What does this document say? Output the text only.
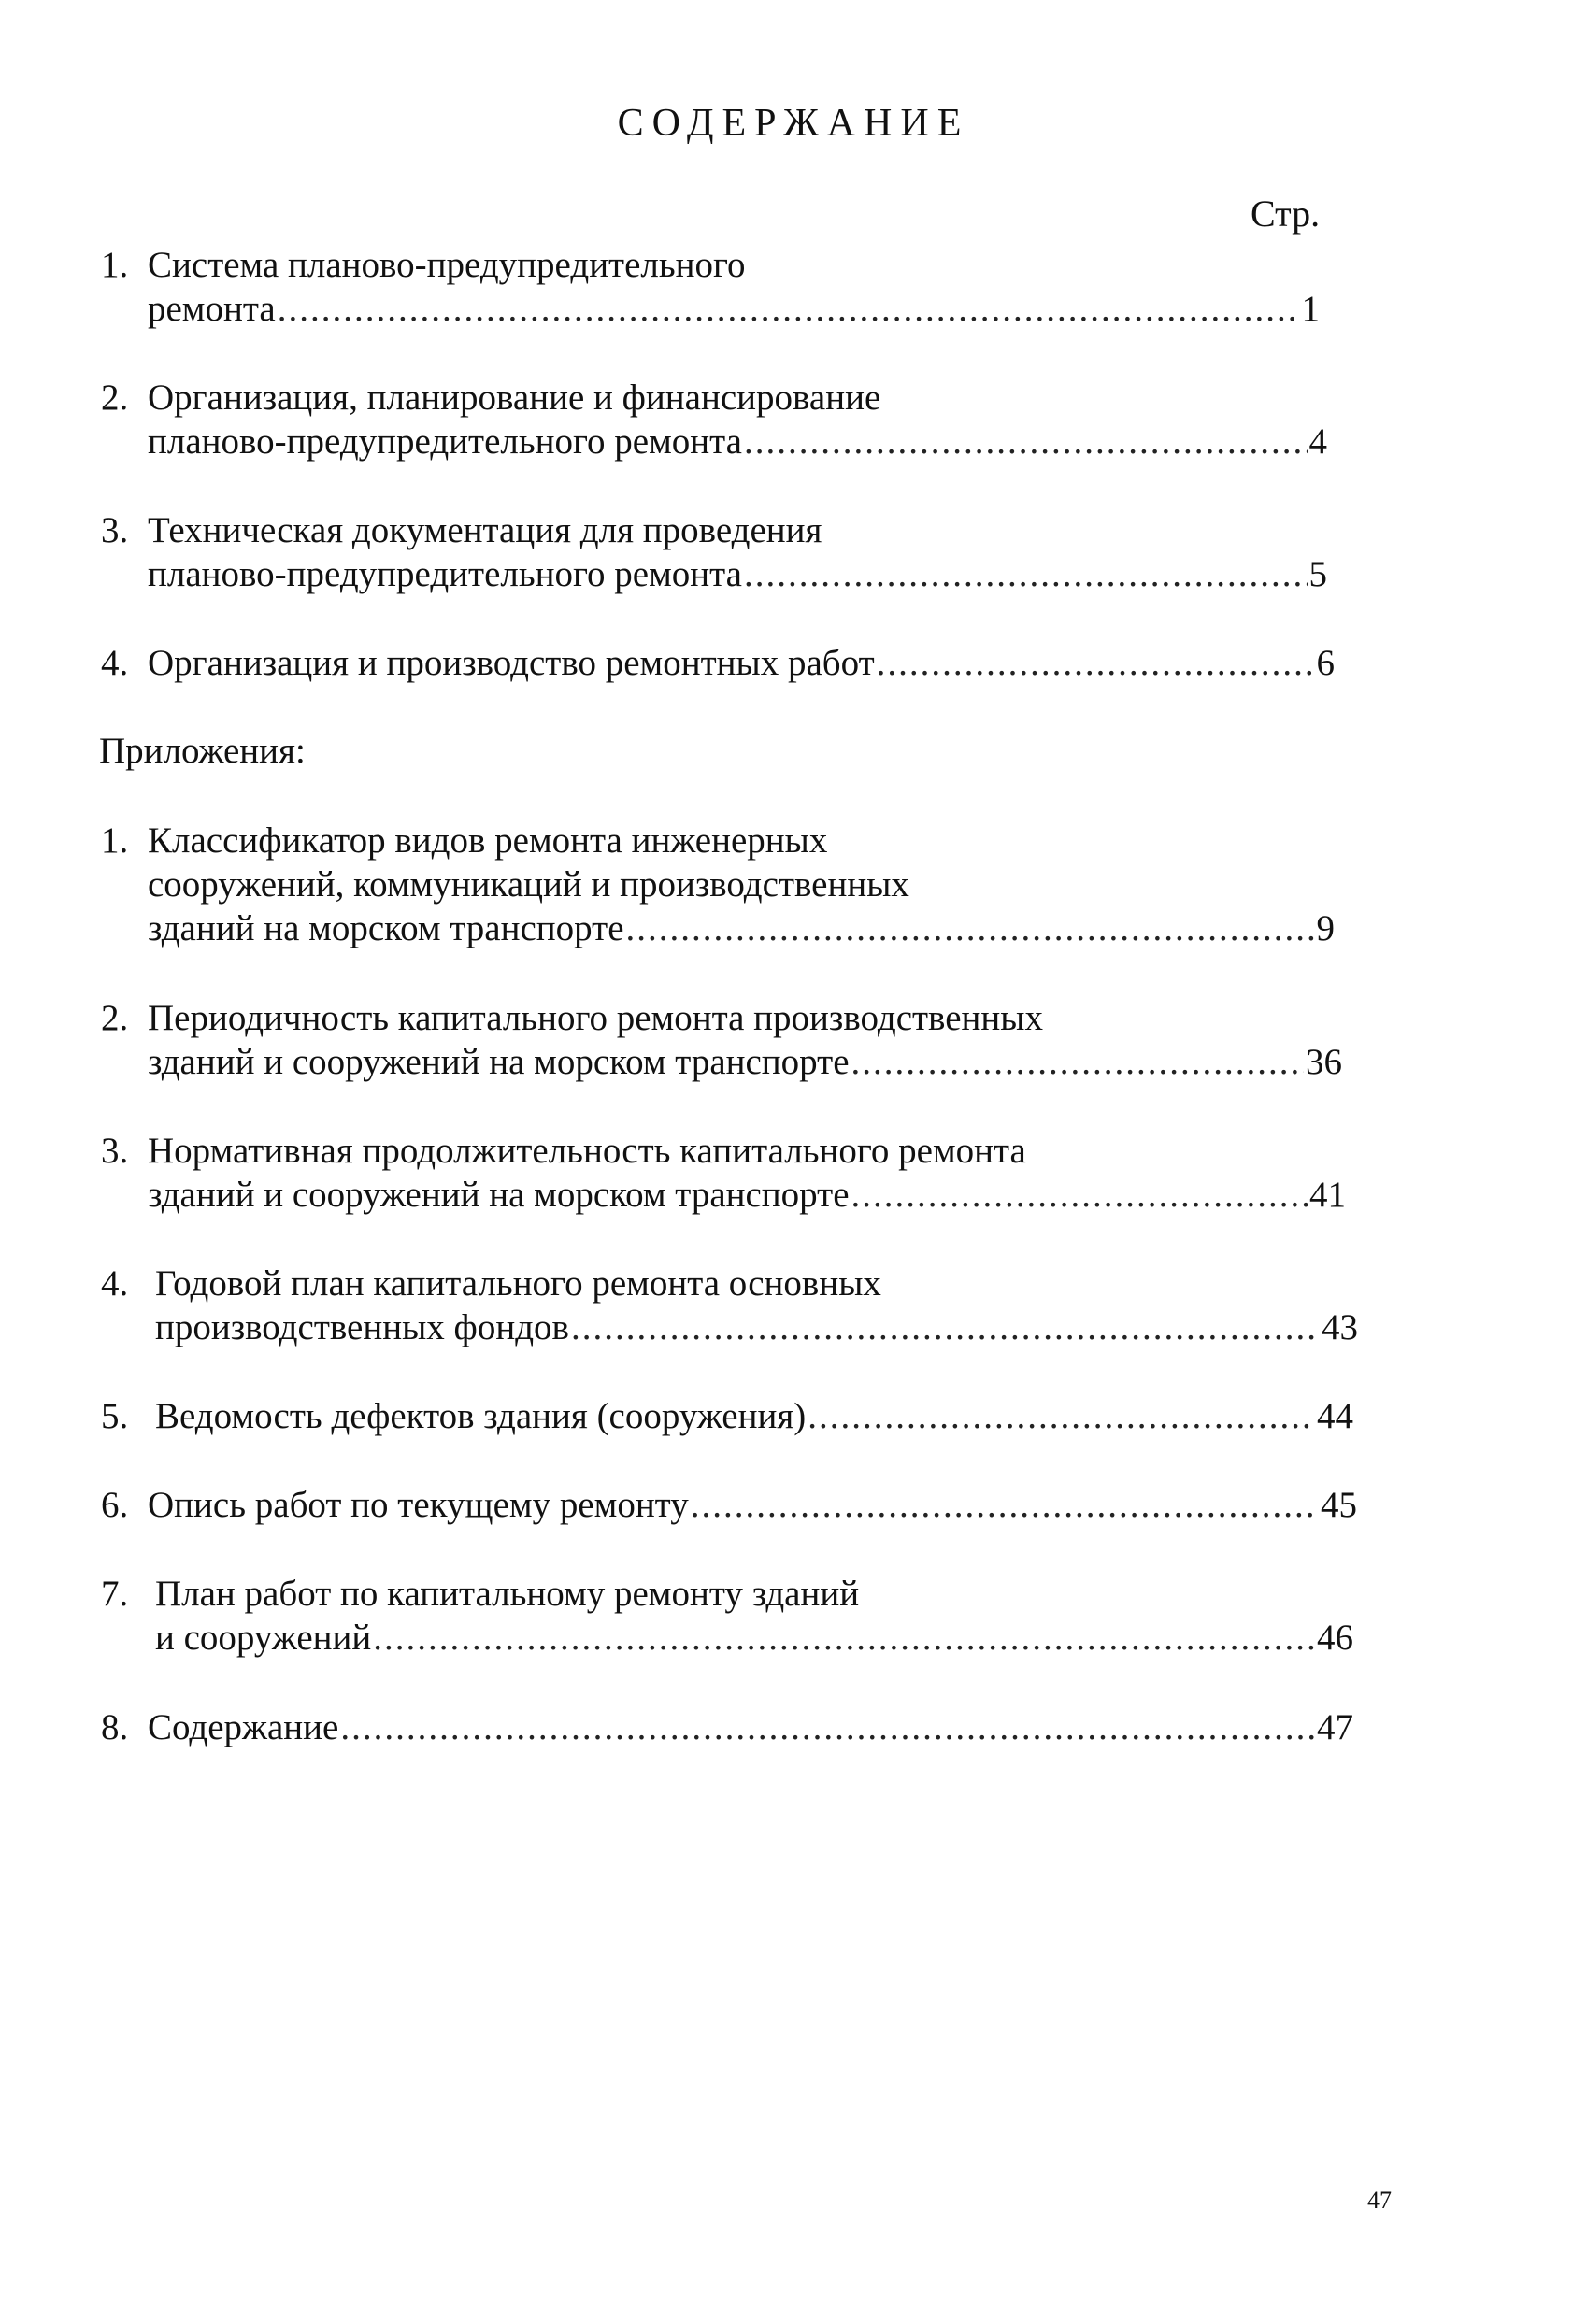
СОДЕРЖАНИЕ
Стр.
1. Система планово-предупредительного
ремонта .....	1
2. Организация, планирование и финансирование
планово-предупредительного ремонта .....	4
3. Техническая документация для проведения
планово-предупредительного ремонта .....	5
4. Организация и производство ремонтных работ .....	6
Приложения:
1. Классификатор видов ремонта инженерных
сооружений, коммуникаций и производственных
зданий на морском транспорте .....	9
2. Периодичность капитального ремонта производственных
зданий и сооружений на морском транспорте .....	36
3. Нормативная продолжительность капитального ремонта
зданий и сооружений на морском транспорте .....	41
4. Годовой план капитального ремонта основных
производственных фондов .....	43
5. Ведомость дефектов здания (сооружения) .....	44
6. Опись работ по текущему ремонту .....	45
7. План работ по капитальному ремонту зданий
и сооружений .....	46
8. Содержание .....	47
47
